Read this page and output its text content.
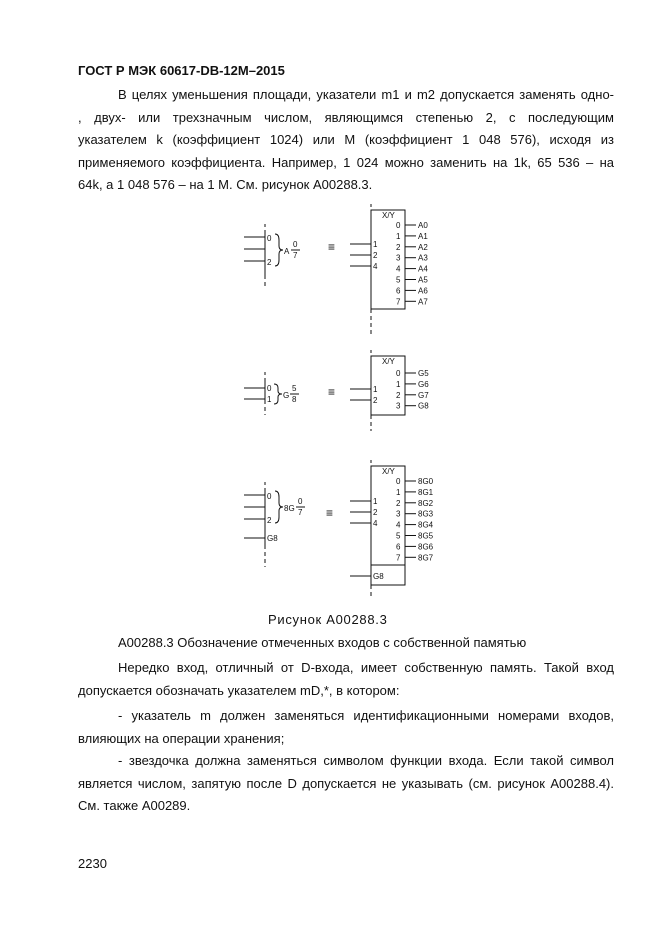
ГОСТ Р МЭК 60617-DB-12M–2015
В целях уменьшения площади, указатели m1 и m2 допускается заменять одно-
, двух- или трехзначным числом, являющимся степенью 2, с последующим
указателем k (коэффициент 1024) или M (коэффициент 1 048 576), исходя из
применяемого коэффициента. Например, 1 024 можно заменить на 1k, 65 536 – на
64k, а 1 048 576 – на 1 M. См. рисунок A00288.3.
0
2
A
0
7
≡
X/Y
1
2
4
0 A0
1 A1
2 A2
3 A3
4 A4
5 A5
6 A6
7 A7
0
1 G
5
8
≡
X/Y
1
2
0 G5
1 G6
2 G7
3 G8
0
2
G8
8G
0
7 ≡
X/Y
1
2
4
G8
0 8G0
1 8G1
2 8G2
3 8G3
4 8G4
5 8G5
6 8G6
7 8G7
Рисунок A00288.3
A00288.3 Обозначение отмеченных входов с собственной памятью
Нередко вход, отличный от D-входа, имеет собственную память. Такой вход
допускается обозначать указателем mD,*, в котором:
- указатель m должен заменяться идентификационными номерами входов,
влияющих на операции хранения;
- звездочка должна заменяться символом функции входа. Если такой символ
является числом, запятую после D допускается не указывать (см. рисунок A00288.4).
См. также A00289.
2230
